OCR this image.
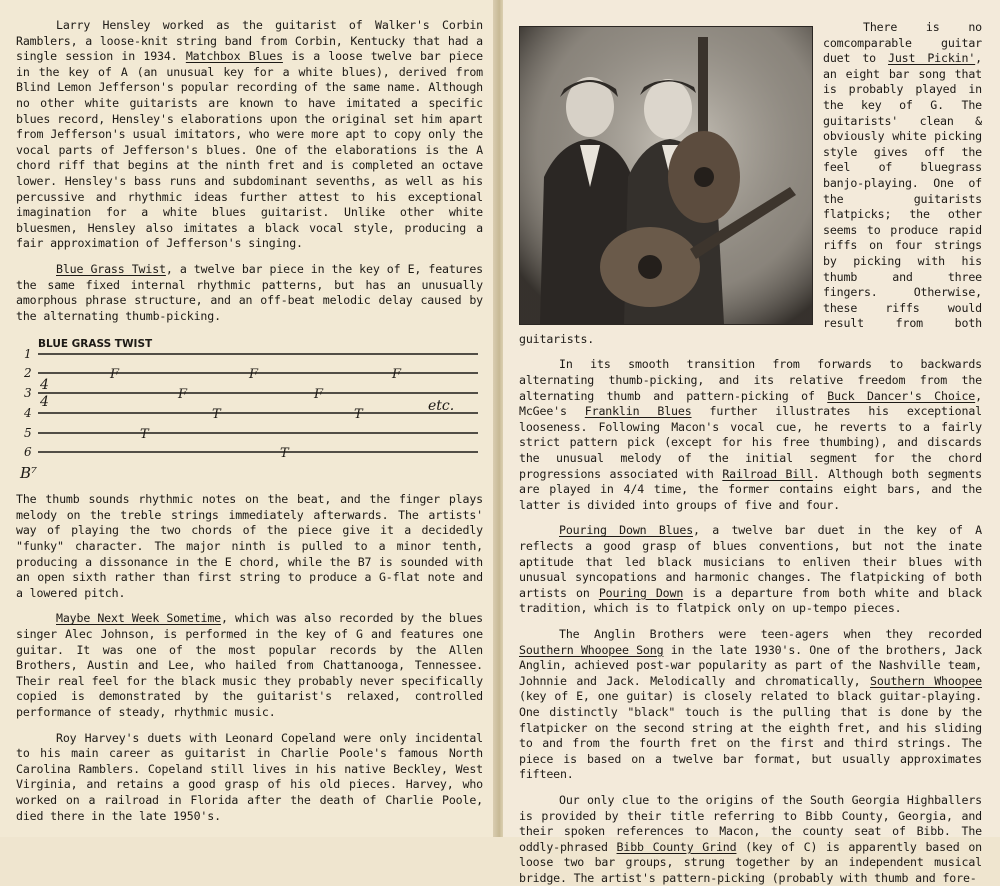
Larry Hensley worked as the guitarist of Walker's Corbin Ramblers, a loose-knit string band from Corbin, Kentucky that had a single session in 1934. Matchbox Blues is a loose twelve bar piece in the key of A (an unusual key for a white blues), derived from Blind Lemon Jefferson's popular recording of the same name. Although no other white guitarists are known to have imitated a specific blues record, Hensley's elaborations upon the original set him apart from Jefferson's usual imitators, who were more apt to copy only the vocal parts of Jefferson's blues. One of the elaborations is the A chord riff that begins at the ninth fret and is completed an octave lower. Hensley's bass runs and subdominant sevenths, as well as his percussive and rhythmic ideas further attest to his exceptional imagination for a white blues guitarist. Unlike other white bluesmen, Hensley also imitates a black vocal style, producing a fair approximation of Jefferson's singing.

Blue Grass Twist, a twelve bar piece in the key of E, features the same fixed internal rhythmic patterns, but has an unusually amorphous phrase structure, and an off-beat melodic delay caused by the alternating thumb-picking.

BLUE GRASS TWIST
1
2
3
4
5
6
4
4
F	F	F
F	F
T	T
T
T
etc.
B⁷

The thumb sounds rhythmic notes on the beat, and the finger plays melody on the treble strings immediately afterwards. The artists' way of playing the two chords of the piece give it a decidedly "funky" character. The major ninth is pulled to a minor tenth, producing a dissonance in the E chord, while the B7 is sounded with an open sixth rather than first string to produce a G-flat note and a lowered pitch.

Maybe Next Week Sometime, which was also recorded by the blues singer Alec Johnson, is performed in the key of G and features one guitar. It was one of the most popular records by the Allen Brothers, Austin and Lee, who hailed from Chattanooga, Tennessee. Their real feel for the black music they probably never specifically copied is demonstrated by the guitarist's relaxed, controlled performance of steady, rhythmic music.

Roy Harvey's duets with Leonard Copeland were only incidental to his main career as guitarist in Charlie Poole's famous North Carolina Ramblers. Copeland still lives in his native Beckley, West Virginia, and retains a good grasp of his old pieces. Harvey, who worked on a railroad in Florida after the death of Charlie Poole, died there in the late 1950's.

There is no comcomparable guitar duet to Just Pickin', an eight bar song that is probably played in the key of G. The guitarists' clean & obviously white picking style gives off the feel of bluegrass banjo-playing. One of the guitarists flatpicks; the other seems to produce rapid riffs on four strings by picking with his thumb and three fingers. Otherwise, these riffs would result from both guitarists.

In its smooth transition from forwards to backwards alternating thumb-picking, and its relative freedom from the alternating thumb and pattern-picking of Buck Dancer's Choice, McGee's Franklin Blues further illustrates his exceptional looseness. Following Macon's vocal cue, he reverts to a fairly strict pattern pick (except for his free thumbing), and discards the unusual melody of the initial segment for the chord progressions associated with Railroad Bill. Although both segments are played in 4/4 time, the former contains eight bars, and the latter is divided into groups of five and four.

Pouring Down Blues, a twelve bar duet in the key of A reflects a good grasp of blues conventions, but not the inate aptitude that led black musicians to enliven their blues with unusual syncopations and harmonic changes. The flatpicking of both artists on Pouring Down is a departure from both white and black tradition, which is to flatpick only on up-tempo pieces.

The Anglin Brothers were teen-agers when they recorded Southern Whoopee Song in the late 1930's. One of the brothers, Jack Anglin, achieved post-war popularity as part of the Nashville team, Johnnie and Jack. Melodically and chromatically, Southern Whoopee (key of E, one guitar) is closely related to black guitar-playing. One distinctly "black" touch is the pulling that is done by the flatpicker on the second string at the eighth fret, and his sliding to and from the fourth fret on the first and third strings. The piece is based on a twelve bar format, but usually approximates fifteen.

Our only clue to the origins of the South Georgia Highballers is provided by their title referring to Bibb County, Georgia, and their spoken references to Macon, the county seat of Bibb. The oddly-phrased Bibb County Grind (key of C) is apparently based on loose two bar groups, strung together by an independent musical bridge. The artist's pattern-picking (probably with thumb and fore-
